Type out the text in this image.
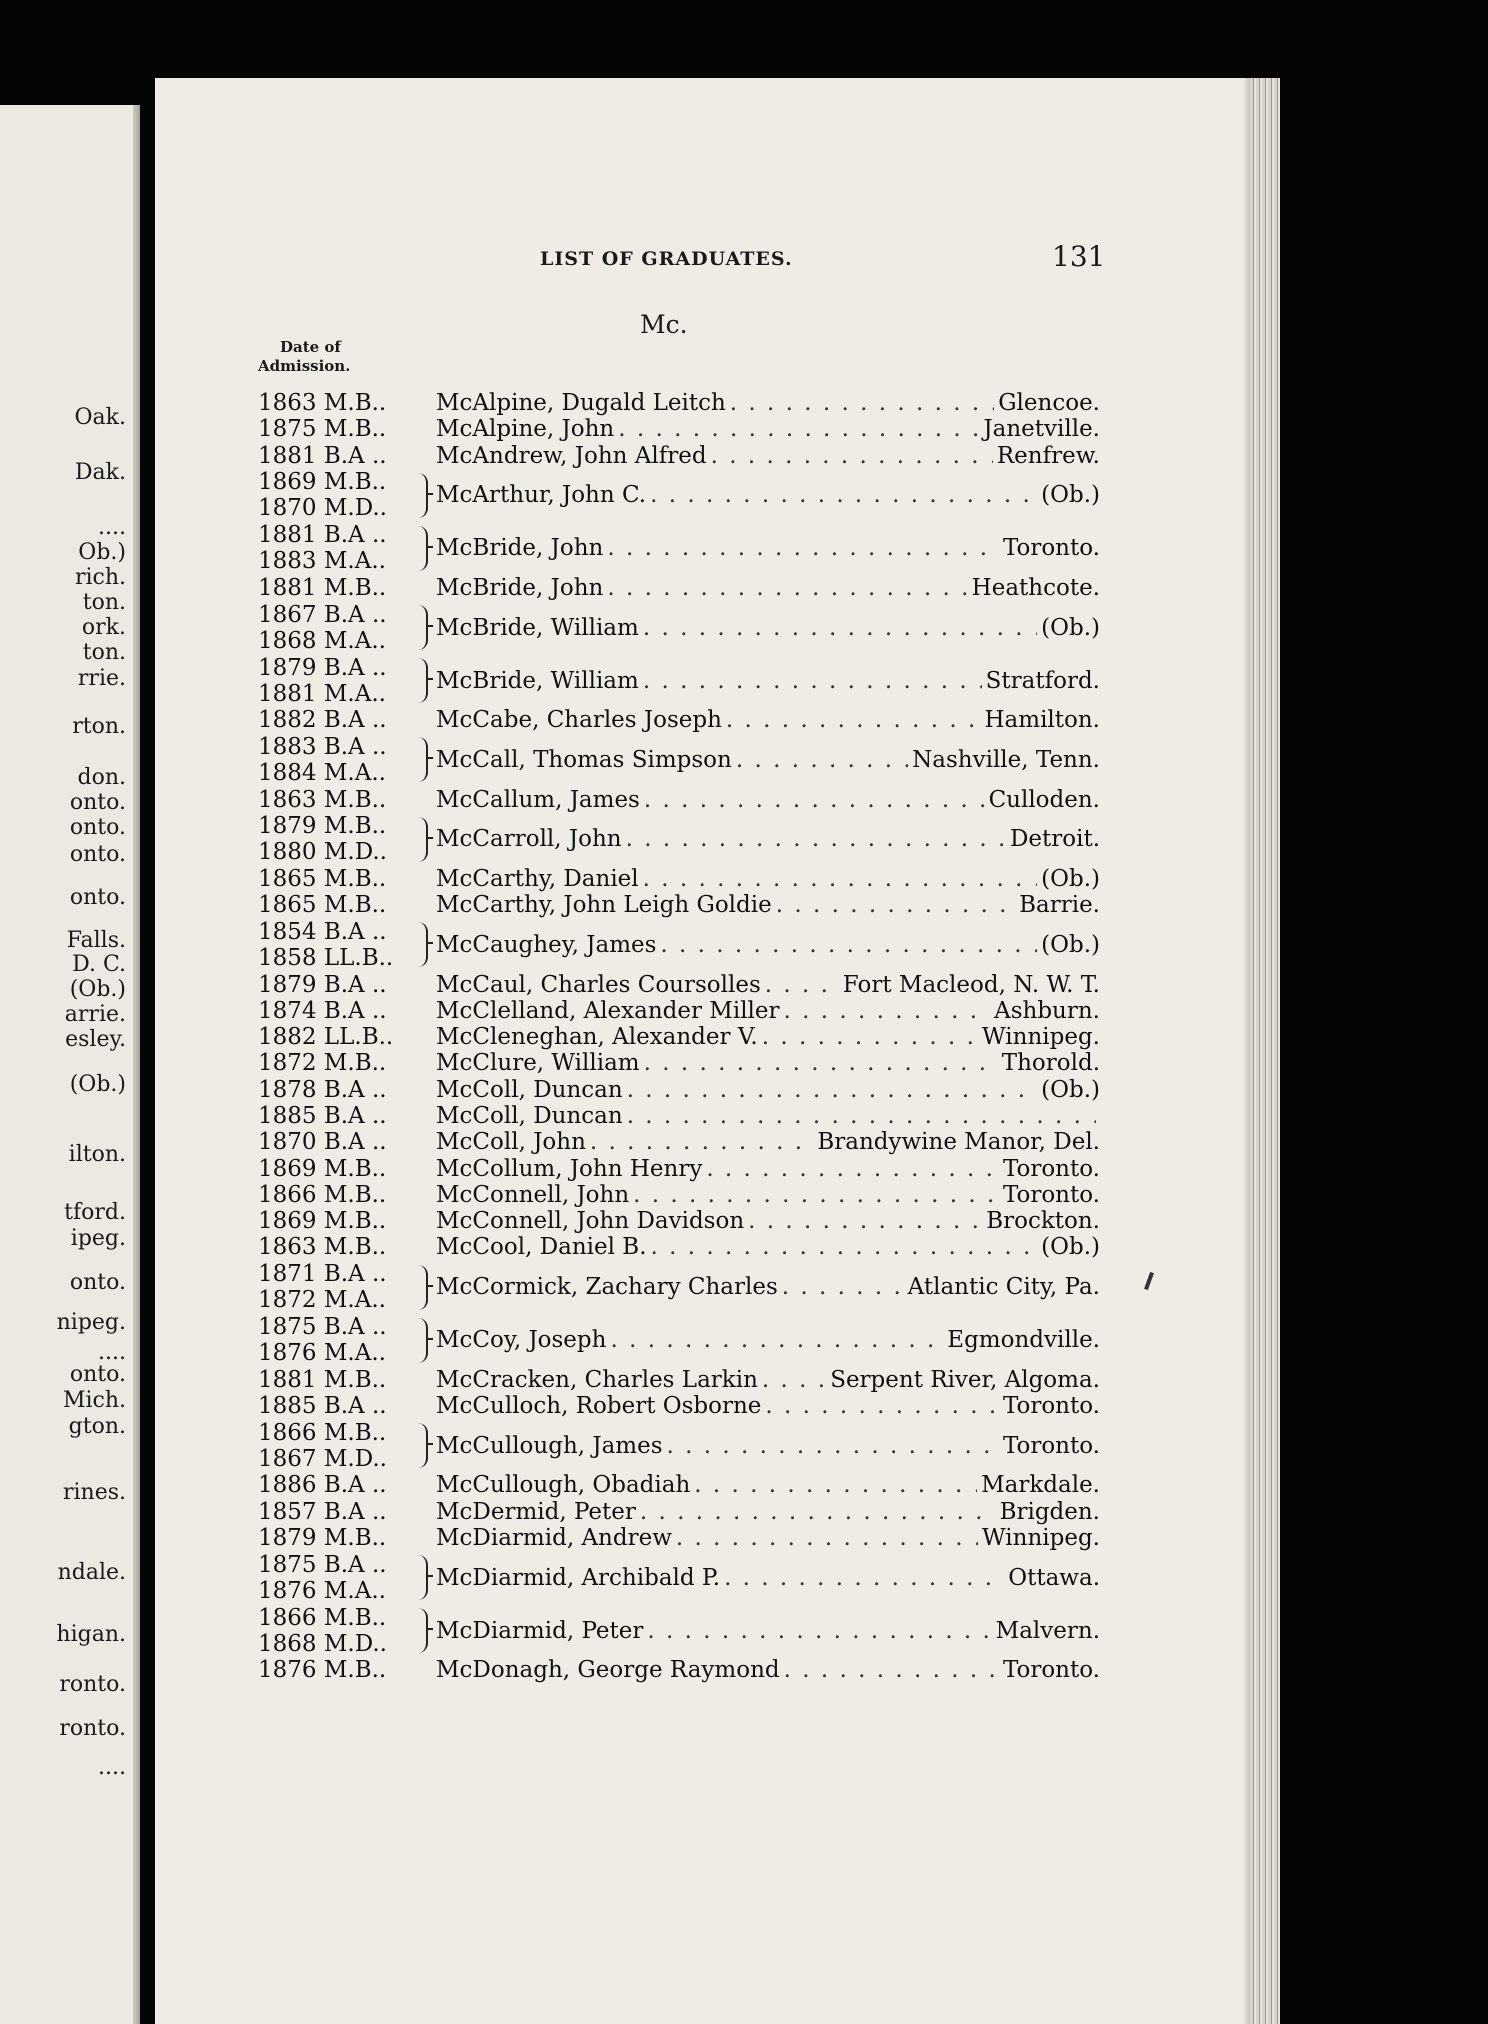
Oak.
Dak.
....
Ob.)
rich.
ton.
ork.
ton.
rrie.
rton.
don.
onto.
onto.
onto.
onto.
Falls.
D. C.
(Ob.)
arrie.
esley.
(Ob.)
ilton.
tford.
ipeg.
onto.
nipeg.
....
onto.
Mich.
gton.
rines.
ndale.
higan.
ronto.
ronto.
....
LIST OF GRADUATES.	131
Mc.
Date of
Admission.
1863 M.B..	McAlpine, Dugald Leitch . . .	Glencoe.
1875 M.B..	McAlpine, John . . .	Janetville.
1881 B.A ..	McAndrew, John Alfred . . .	Renfrew.
1869 M.B..
1870 M.D..	McArthur, John C. . . .	(Ob.)
1881 B.A ..
1883 M.A..	McBride, John . . .	Toronto.
1881 M.B..	McBride, John . . .	Heathcote.
1867 B.A ..
1868 M.A..	McBride, William . . .	(Ob.)
1879 B.A ..
1881 M.A..	McBride, William . . .	Stratford.
1882 B.A ..	McCabe, Charles Joseph . . .	Hamilton.
1883 B.A ..
1884 M.A..	McCall, Thomas Simpson . . .	Nashville, Tenn.
1863 M.B..	McCallum, James . . .	Culloden.
1879 M.B..
1880 M.D..	McCarroll, John . . .	Detroit.
1865 M.B..	McCarthy, Daniel . . .	(Ob.)
1865 M.B..	McCarthy, John Leigh Goldie . . .	Barrie.
1854 B.A ..
1858 LL.B..	McCaughey, James . . .	(Ob.)
1879 B.A ..	McCaul, Charles Coursolles . . .	Fort Macleod, N. W. T.
1874 B.A ..	McClelland, Alexander Miller . . .	Ashburn.
1882 LL.B..	McCleneghan, Alexander V. . . .	Winnipeg.
1872 M.B..	McClure, William . . .	Thorold.
1878 B.A ..	McColl, Duncan . . .	(Ob.)
1885 B.A ..	McColl, Duncan
. . .
1870 B.A ..	McColl, John . . .	Brandywine Manor, Del.
1869 M.B..	McCollum, John Henry . . .	Toronto.
1866 M.B..	McConnell, John . . .	Toronto.
1869 M.B..	McConnell, John Davidson . . .	Brockton.
1863 M.B..	McCool, Daniel B. . . .	(Ob.)
1871 B.A ..
1872 M.A..	McCormick, Zachary Charles . . .	Atlantic City, Pa.
1875 B.A ..
1876 M.A..	McCoy, Joseph . . .	Egmondville.
1881 M.B..	McCracken, Charles Larkin . . .	Serpent River, Algoma.
1885 B.A ..	McCulloch, Robert Osborne . . .	Toronto.
1866 M.B..
1867 M.D..	McCullough, James . . .	Toronto.
1886 B.A ..	McCullough, Obadiah . . .	Markdale.
1857 B.A ..	McDermid, Peter . . .	Brigden.
1879 M.B..	McDiarmid, Andrew . . .	Winnipeg.
1875 B.A ..
1876 M.A..	McDiarmid, Archibald P. . . .	Ottawa.
1866 M.B..
1868 M.D..	McDiarmid, Peter . . .	Malvern.
1876 M.B..	McDonagh, George Raymond . . .	Toronto.
